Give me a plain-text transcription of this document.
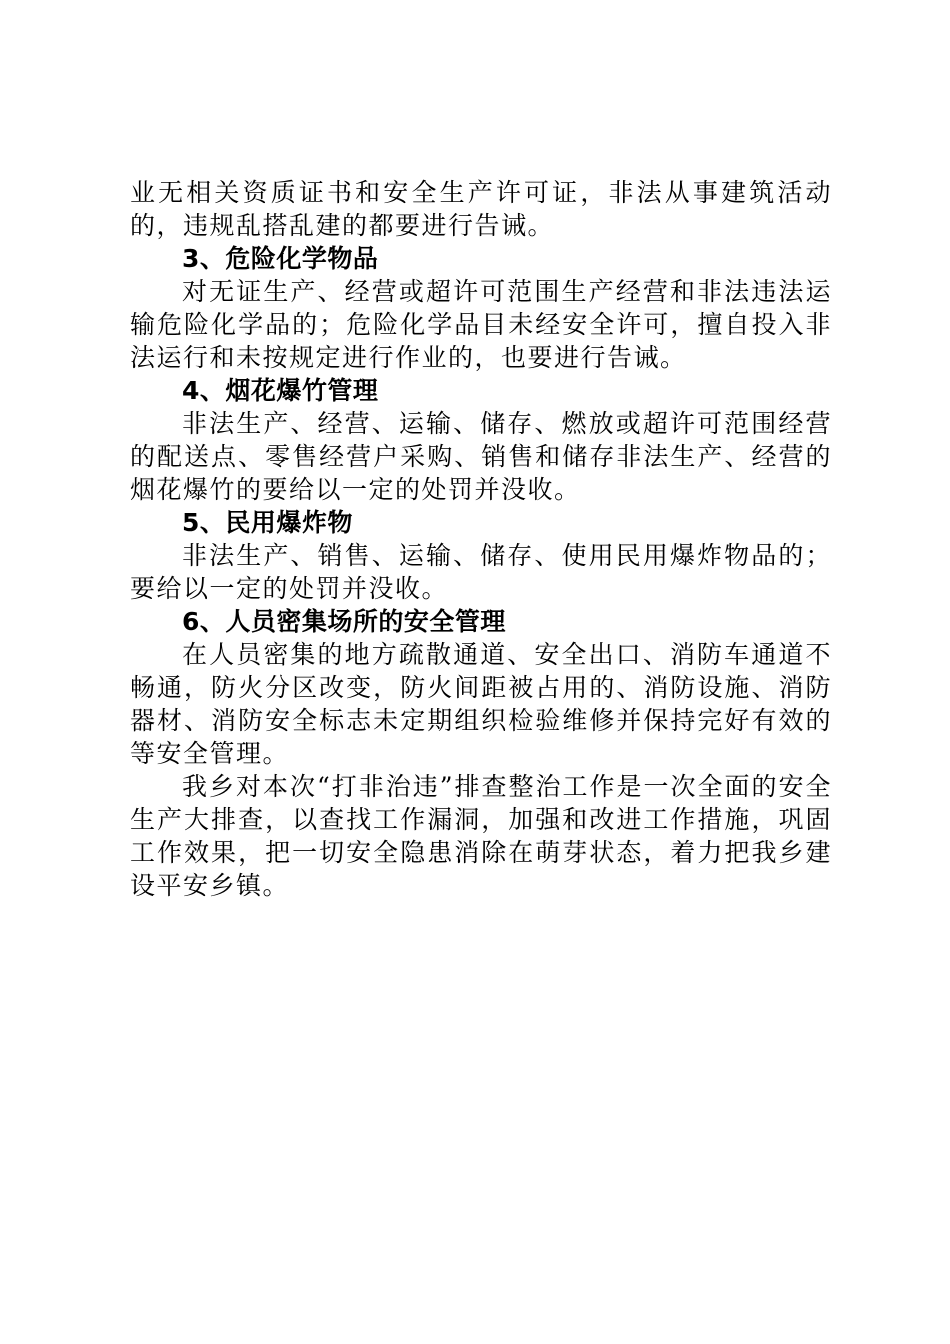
业无相关资质证书和安全生产许可证，非法从事建筑活动的，违规乱搭乱建的都要进行告诫。

3、危险化学物品

对无证生产、经营或超许可范围生产经营和非法违法运输危险化学品的；危险化学品目未经安全许可，擅自投入非法运行和未按规定进行作业的，也要进行告诫。

4、烟花爆竹管理

非法生产、经营、运输、储存、燃放或超许可范围经营的配送点、零售经营户采购、销售和储存非法生产、经营的烟花爆竹的要给以一定的处罚并没收。

5、民用爆炸物

非法生产、销售、运输、储存、使用民用爆炸物品的；要给以一定的处罚并没收。

6、人员密集场所的安全管理

在人员密集的地方疏散通道、安全出口、消防车通道不畅通，防火分区改变，防火间距被占用的、消防设施、消防器材、消防安全标志未定期组织检验维修并保持完好有效的等安全管理。

我乡对本次“打非治违”排查整治工作是一次全面的安全生产大排查，以查找工作漏洞，加强和改进工作措施，巩固工作效果，把一切安全隐患消除在萌芽状态，着力把我乡建设平安乡镇。
